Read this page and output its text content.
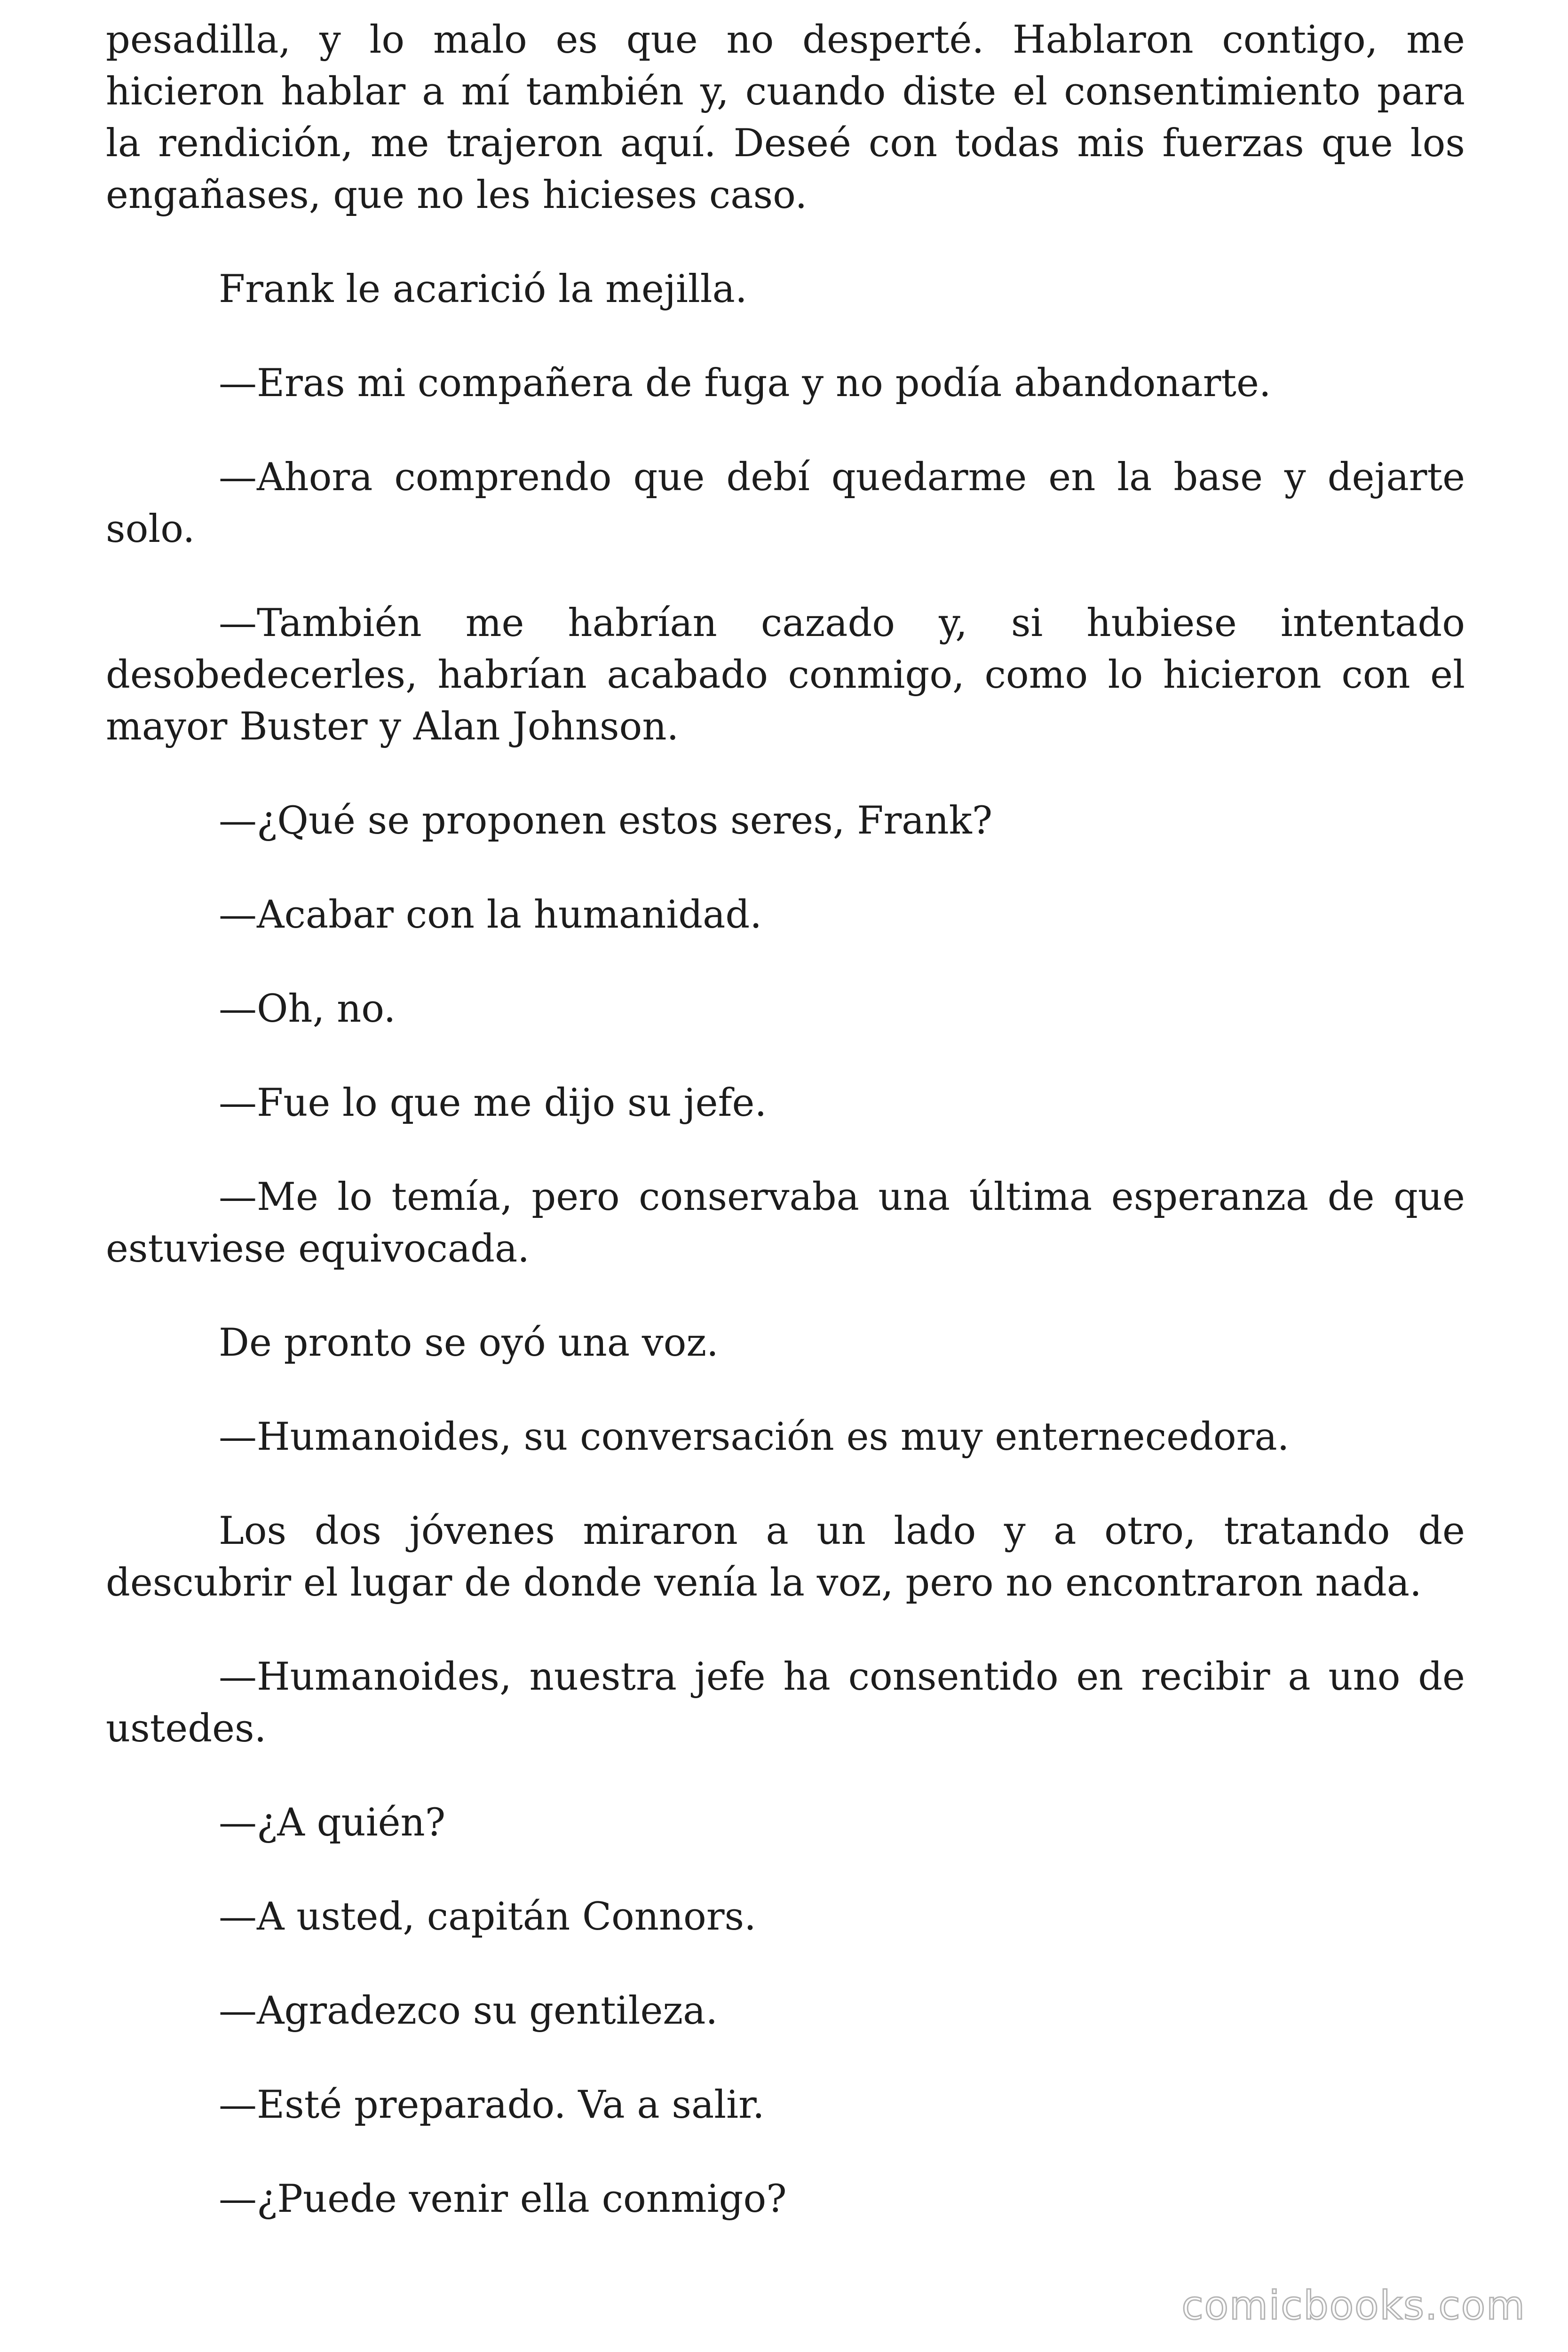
pesadilla, y lo malo es que no desperté. Hablaron contigo, me hicieron hablar a mí también y, cuando diste el consentimiento para la rendición, me trajeron aquí. Deseé con todas mis fuerzas que los engañases, que no les hicieses caso.

Frank le acarició la mejilla.

—Eras mi compañera de fuga y no podía abandonarte.

—Ahora comprendo que debí quedarme en la base y dejarte solo.

—También me habrían cazado y, si hubiese intentado desobedecerles, habrían acabado conmigo, como lo hicieron con el mayor Buster y Alan Johnson.

—¿Qué se proponen estos seres, Frank?

—Acabar con la humanidad.

—Oh, no.

—Fue lo que me dijo su jefe.

—Me lo temía, pero conservaba una última esperanza de que estuviese equivocada.

De pronto se oyó una voz.

—Humanoides, su conversación es muy enternecedora.

Los dos jóvenes miraron a un lado y a otro, tratando de descubrir el lugar de donde venía la voz, pero no encontraron nada.

—Humanoides, nuestra jefe ha consentido en recibir a uno de ustedes.

—¿A quién?

—A usted, capitán Connors.

—Agradezco su gentileza.

—Esté preparado. Va a salir.

—¿Puede venir ella conmigo?

comicbooks.com
